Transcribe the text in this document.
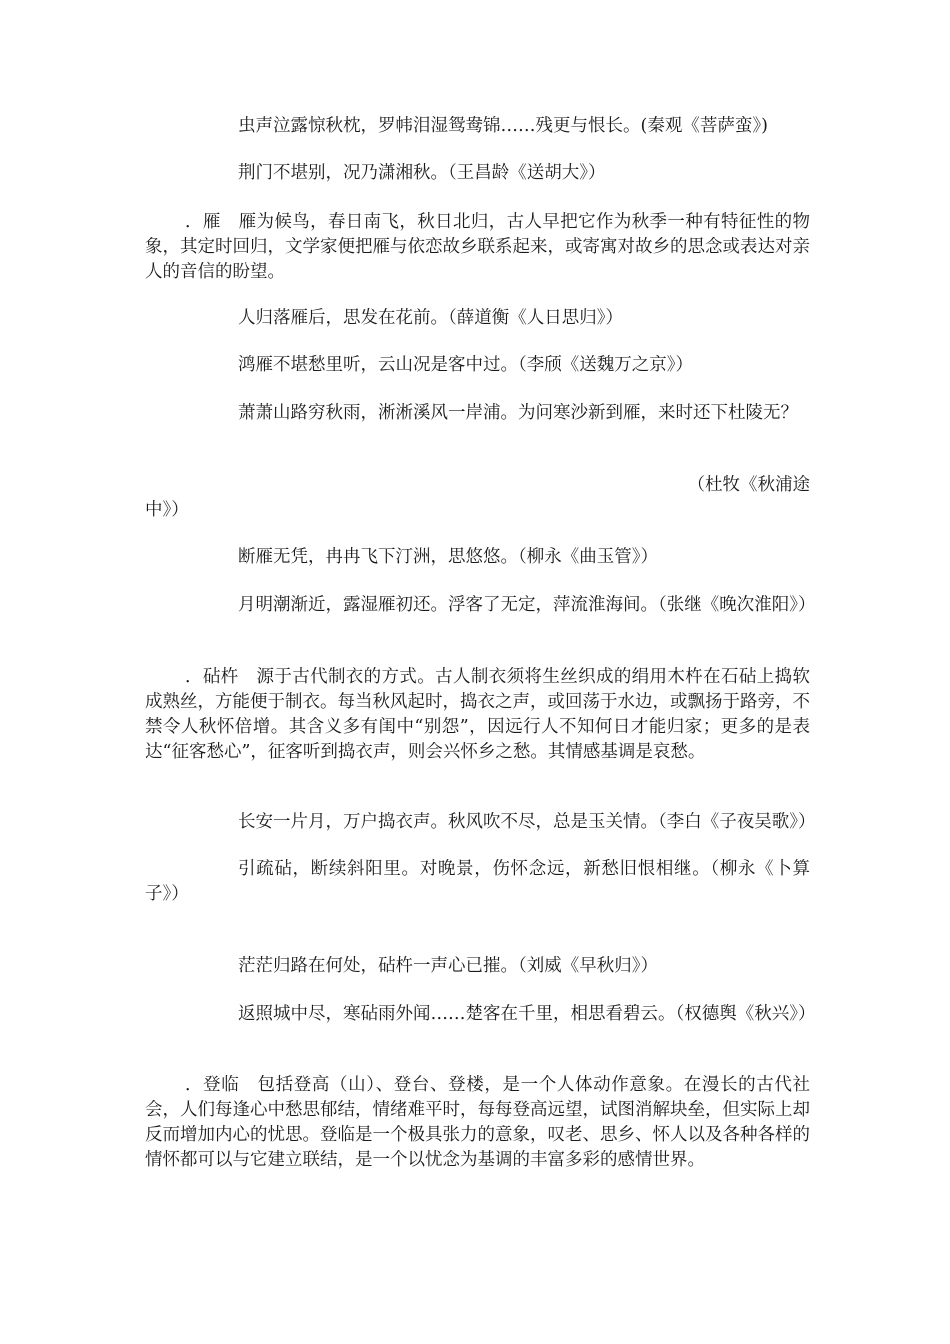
虫声泣露惊秋枕，罗帏泪湿鸳鸯锦……残更与恨长。(秦观《菩萨蛮》)

荆门不堪别，况乃潇湘秋。（王昌龄《送胡大》）

．雁　雁为候鸟，春日南飞，秋日北归，古人早把它作为秋季一种有特征性的物象，其定时回归，文学家便把雁与依恋故乡联系起来，或寄寓对故乡的思念或表达对亲人的音信的盼望。

人归落雁后，思发在花前。（薛道衡《人日思归》）

鸿雁不堪愁里听，云山况是客中过。（李颀《送魏万之京》）

萧萧山路穷秋雨，淅淅溪风一岸浦。为问寒沙新到雁，来时还下杜陵无？

（杜牧《秋浦途

中》）

断雁无凭，冉冉飞下汀洲，思悠悠。（柳永《曲玉管》）

月明潮渐近，露湿雁初还。浮客了无定，萍流淮海间。（张继《晚次淮阳》）

．砧杵　源于古代制衣的方式。古人制衣须将生丝织成的绢用木杵在石砧上捣软成熟丝，方能便于制衣。每当秋风起时，捣衣之声，或回荡于水边，或飘扬于路旁，不禁令人秋怀倍增。其含义多有闺中“别怨”，因远行人不知何日才能归家；更多的是表达“征客愁心”，征客听到捣衣声，则会兴怀乡之愁。其情感基调是哀愁。

长安一片月，万户捣衣声。秋风吹不尽，总是玉关情。（李白《子夜吴歌》）

引疏砧，断续斜阳里。对晚景，伤怀念远，新愁旧恨相继。（柳永《卜算子》）

茫茫归路在何处，砧杵一声心已摧。（刘威《早秋归》）

返照城中尽，寒砧雨外闻……楚客在千里，相思看碧云。（权德舆《秋兴》）

．登临　包括登高（山）、登台、登楼，是一个人体动作意象。在漫长的古代社会，人们每逢心中愁思郁结，情绪难平时，每每登高远望，试图消解块垒，但实际上却反而增加内心的忧思。登临是一个极具张力的意象，叹老、思乡、怀人以及各种各样的情怀都可以与它建立联结，是一个以忧念为基调的丰富多彩的感情世界。
